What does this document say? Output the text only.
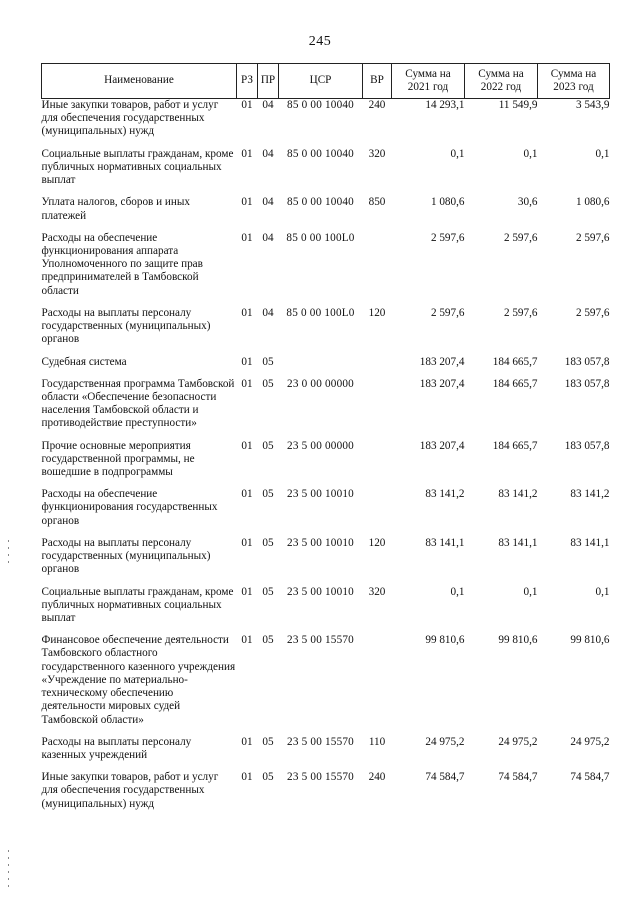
245
Наименование	РЗ	ПР	ЦСР	ВР	Сумма на 2021 год	Сумма на 2022 год	Сумма на 2023 год
Иные закупки товаров, работ и услуг для обеспечения государственных (муниципальных) нужд	01	04	85 0 00 10040	240	14 293,1	11 549,9	3 543,9
Социальные выплаты гражданам, кроме публичных нормативных социальных выплат	01	04	85 0 00 10040	320	0,1	0,1	0,1
Уплата налогов, сборов и иных платежей	01	04	85 0 00 10040	850	1 080,6	30,6	1 080,6
Расходы на обеспечение функционирования аппарата Уполномоченного по защите прав предпринимателей в Тамбовской области	01	04	85 0 00 100L0		2 597,6	2 597,6	2 597,6
Расходы на выплаты персоналу государственных (муниципальных) органов	01	04	85 0 00 100L0	120	2 597,6	2 597,6	2 597,6
Судебная система	01	05			183 207,4	184 665,7	183 057,8
Государственная программа Тамбовской области «Обеспечение безопасности населения Тамбовской области и противодействие преступности»	01	05	23 0 00 00000		183 207,4	184 665,7	183 057,8
Прочие основные мероприятия государственной программы, не вошедшие в подпрограммы	01	05	23 5 00 00000		183 207,4	184 665,7	183 057,8
Расходы на обеспечение функционирования государственных органов	01	05	23 5 00 10010		83 141,2	83 141,2	83 141,2
Расходы на выплаты персоналу государственных (муниципальных) органов	01	05	23 5 00 10010	120	83 141,1	83 141,1	83 141,1
Социальные выплаты гражданам, кроме публичных нормативных социальных выплат	01	05	23 5 00 10010	320	0,1	0,1	0,1
Финансовое обеспечение деятельности Тамбовского областного государственного казенного учреждения «Учреждение по материально-техническому обеспечению деятельности мировых судей Тамбовской области»	01	05	23 5 00 15570		99 810,6	99 810,6	99 810,6
Расходы на выплаты персоналу казенных учреждений	01	05	23 5 00 15570	110	24 975,2	24 975,2	24 975,2
Иные закупки товаров, работ и услуг для обеспечения государственных (муниципальных) нужд	01	05	23 5 00 15570	240	74 584,7	74 584,7	74 584,7
